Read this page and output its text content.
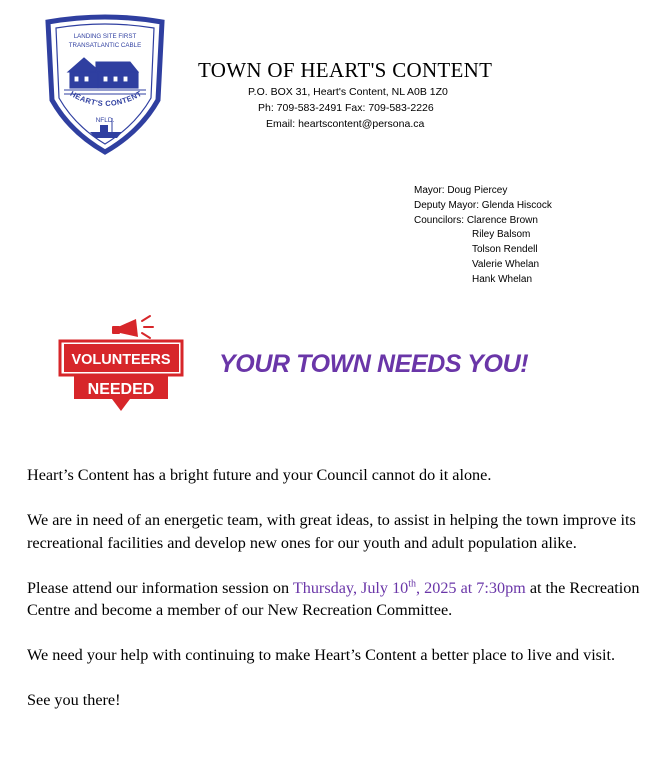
LANDING SITE FIRST
TRANSATLANTIC CABLE
HEART'S CONTENT
NFLD.
TOWN OF HEART'S CONTENT
P.O. BOX 31, Heart's Content, NL A0B 1Z0
Ph: 709-583-2491 Fax: 709-583-2226
Email: heartscontent@persona.ca
Mayor: Doug Piercey
Deputy Mayor: Glenda Hiscock
Councilors: Clarence Brown
Riley Balsom
Tolson Rendell
Valerie Whelan
Hank Whelan
VOLUNTEERS
NEEDED
YOUR TOWN NEEDS YOU!

Heart’s Content has a bright future and your Council cannot do it alone.

We are in need of an energetic team, with great ideas, to assist in helping the town improve its recreational facilities and develop new ones for our youth and adult population alike.

Please attend our information session on Thursday, July 10th, 2025 at 7:30pm at the Recreation Centre and become a member of our New Recreation Committee.

We need your help with continuing to make Heart’s Content a better place to live and visit.

See you there!
